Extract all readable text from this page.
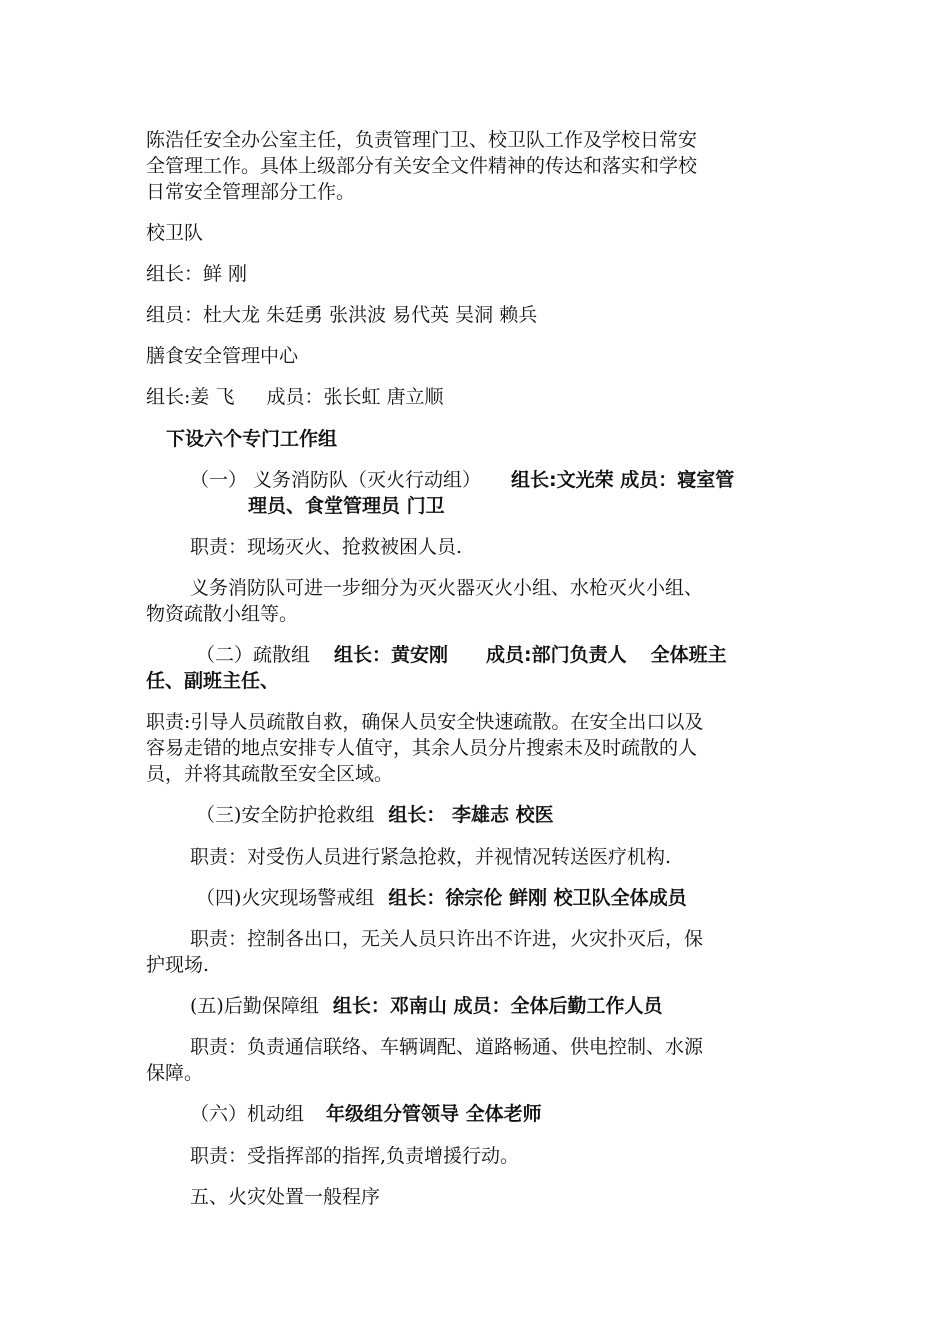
陈浩任安全办公室主任，负责管理门卫、校卫队工作及学校日常安
全管理工作。具体上级部分有关安全文件精神的传达和落实和学校
日常安全管理部分工作。
校卫队
组长：鲜 刚
组员：杜大龙 朱廷勇 张洪波 易代英 吴洞 赖兵
膳食安全管理中心
组长:姜 飞 成员：张长虹 唐立顺
下设六个专门工作组
（一） 义务消防队（灭火行动组） 组长:文光荣 成员：寝室管
理员、食堂管理员 门卫
职责：现场灭火、抢救被困人员.
义务消防队可进一步细分为灭火器灭火小组、水枪灭火小组、
物资疏散小组等。
（二）疏散组 组长：黄安刚 成员:部门负责人 全体班主
任、副班主任、
职责:引导人员疏散自救，确保人员安全快速疏散。在安全出口以及
容易走错的地点安排专人值守，其余人员分片搜索未及时疏散的人
员，并将其疏散至安全区域。
（三)安全防护抢救组 组长： 李雄志 校医
职责：对受伤人员进行紧急抢救，并视情况转送医疗机构.
（四)火灾现场警戒组 组长：徐宗伦 鲜刚 校卫队全体成员
职责：控制各出口，无关人员只许出不许进，火灾扑灭后，保
护现场.
(五)后勤保障组 组长：邓南山 成员：全体后勤工作人员
职责：负责通信联络、车辆调配、道路畅通、供电控制、水源
保障。
（六）机动组 年级组分管领导 全体老师
职责：受指挥部的指挥,负责增援行动。
五、火灾处置一般程序
